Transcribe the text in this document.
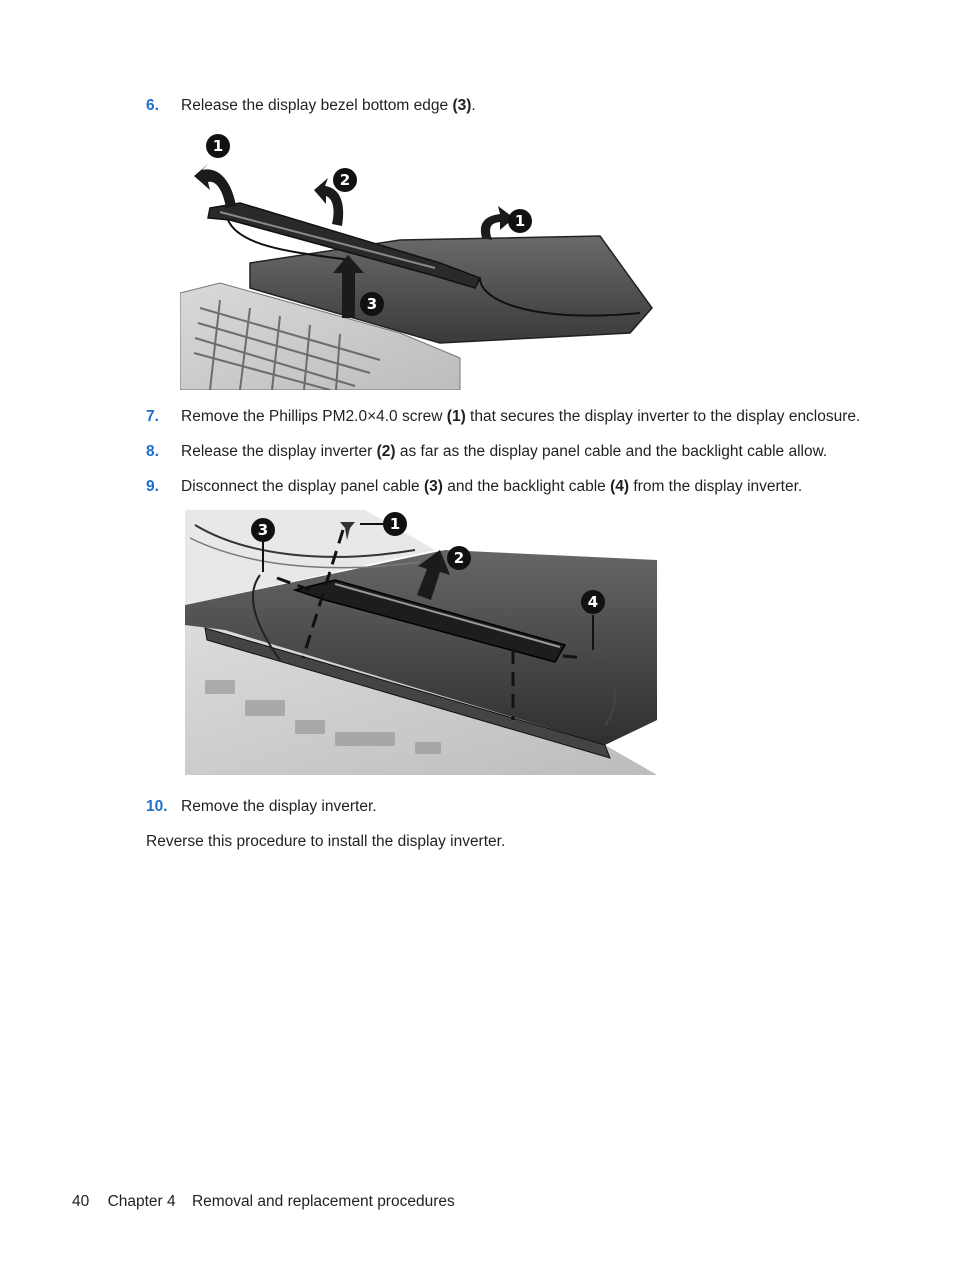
6. Release the display bezel bottom edge (3).
1
2
1
3
7. Remove the Phillips PM2.0×4.0 screw (1) that secures the display inverter to the display enclosure.
8. Release the display inverter (2) as far as the display panel cable and the backlight cable allow.
9. Disconnect the display panel cable (3) and the backlight cable (4) from the display inverter.
3	1
2
4
10. Remove the display inverter.
Reverse this procedure to install the display inverter.
40 Chapter 4 Removal and replacement procedures
